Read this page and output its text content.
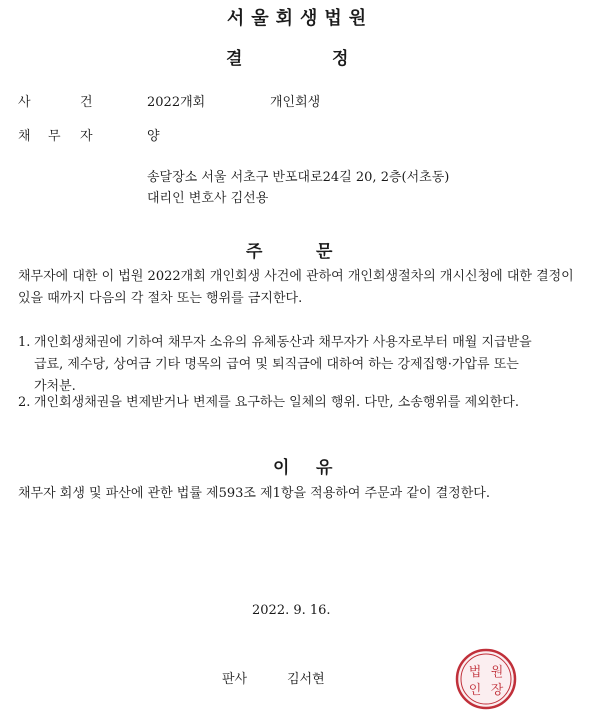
서울회생법원
결	정
사	건	2022개회	개인회생
채 무 자	양
송달장소 서울 서초구 반포대로24길 20, 2층(서초동)
대리인 변호사 김선용
주	문
채무자에 대한 이 법원 2022개회 개인회생 사건에 관하여 개인회생절차의 개시신청에 대한 결정이 있을 때까지 다음의 각 절차 또는 행위를 금지한다.
1. 개인회생채권에 기하여 채무자 소유의 유체동산과 채무자가 사용자로부터 매월 지급받을 급료, 제수당, 상여금 기타 명목의 급여 및 퇴직금에 대하여 하는 강제집행·가압류 또는 가처분.
2. 개인회생채권을 변제받거나 변제를 요구하는 일체의 행위. 다만, 소송행위를 제외한다.
이 유
채무자 회생 및 파산에 관한 법률 제593조 제1항을 적용하여 주문과 같이 결정한다.
2022. 9. 16.
판사	김서현	법 원
인 장
